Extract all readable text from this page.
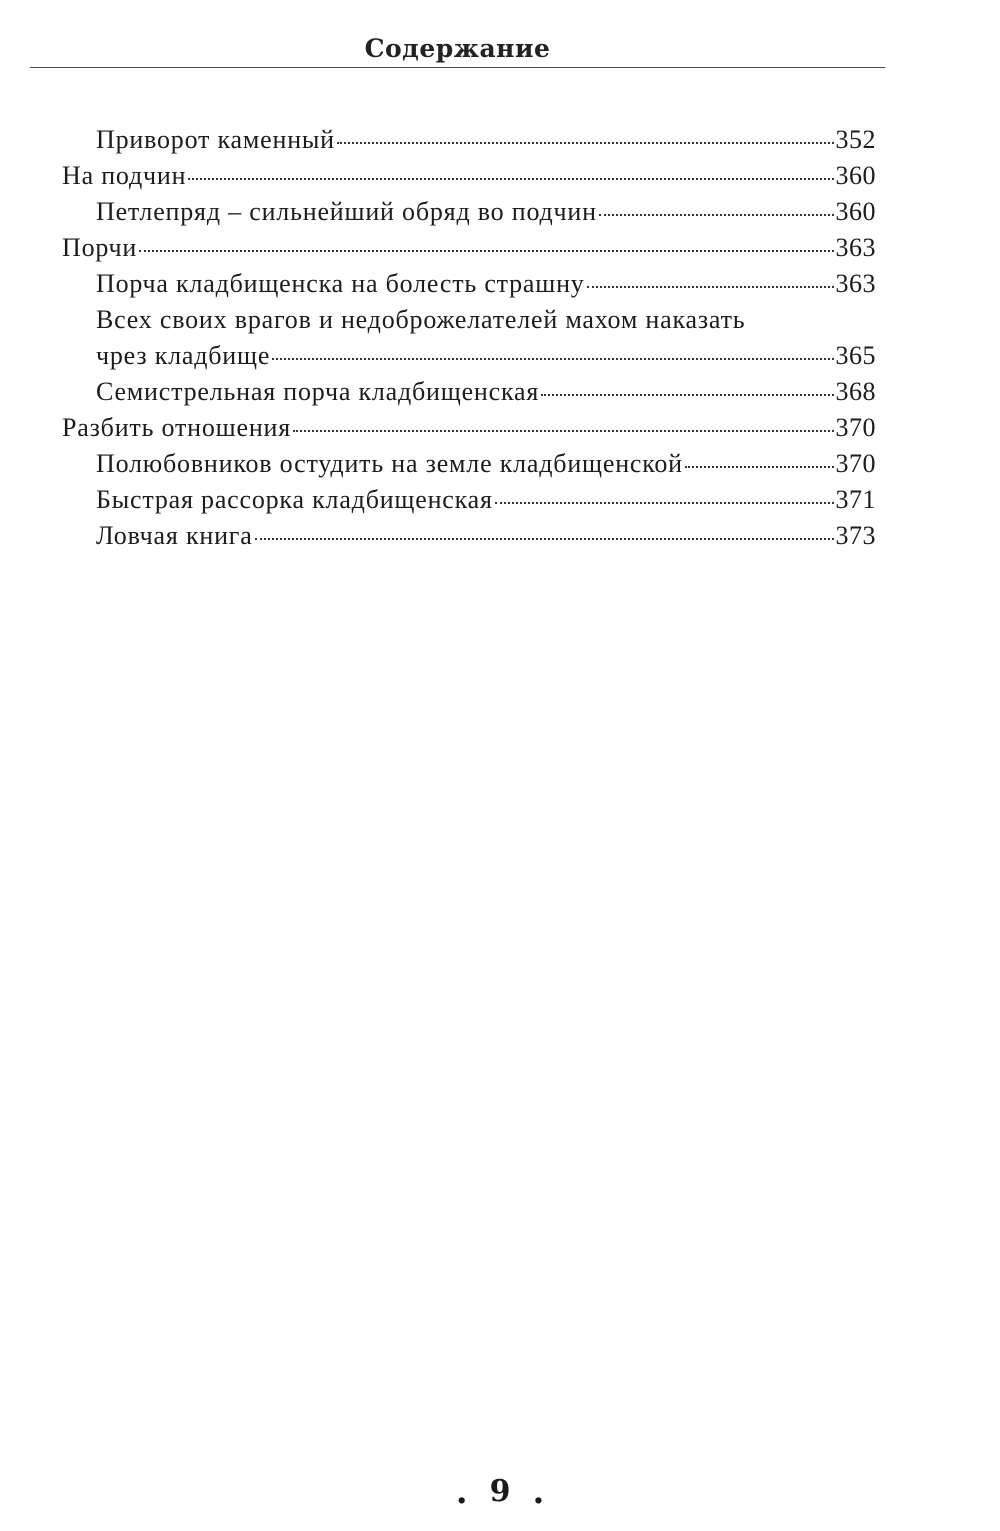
Содержание
Приворот каменный	352
На подчин	360
Петлепряд – сильнейший обряд во подчин	360
Порчи	363
Порча кладбищенска на болесть страшну	363
Всех своих врагов и недоброжелателей махом наказать
чрез кладбище	365
Семистрельная порча кладбищенская	368
Разбить отношения	370
Полюбовников остудить на земле кладбищенской	370
Быстрая рассорка кладбищенская	371
Ловчая книга	373
. 9 .
